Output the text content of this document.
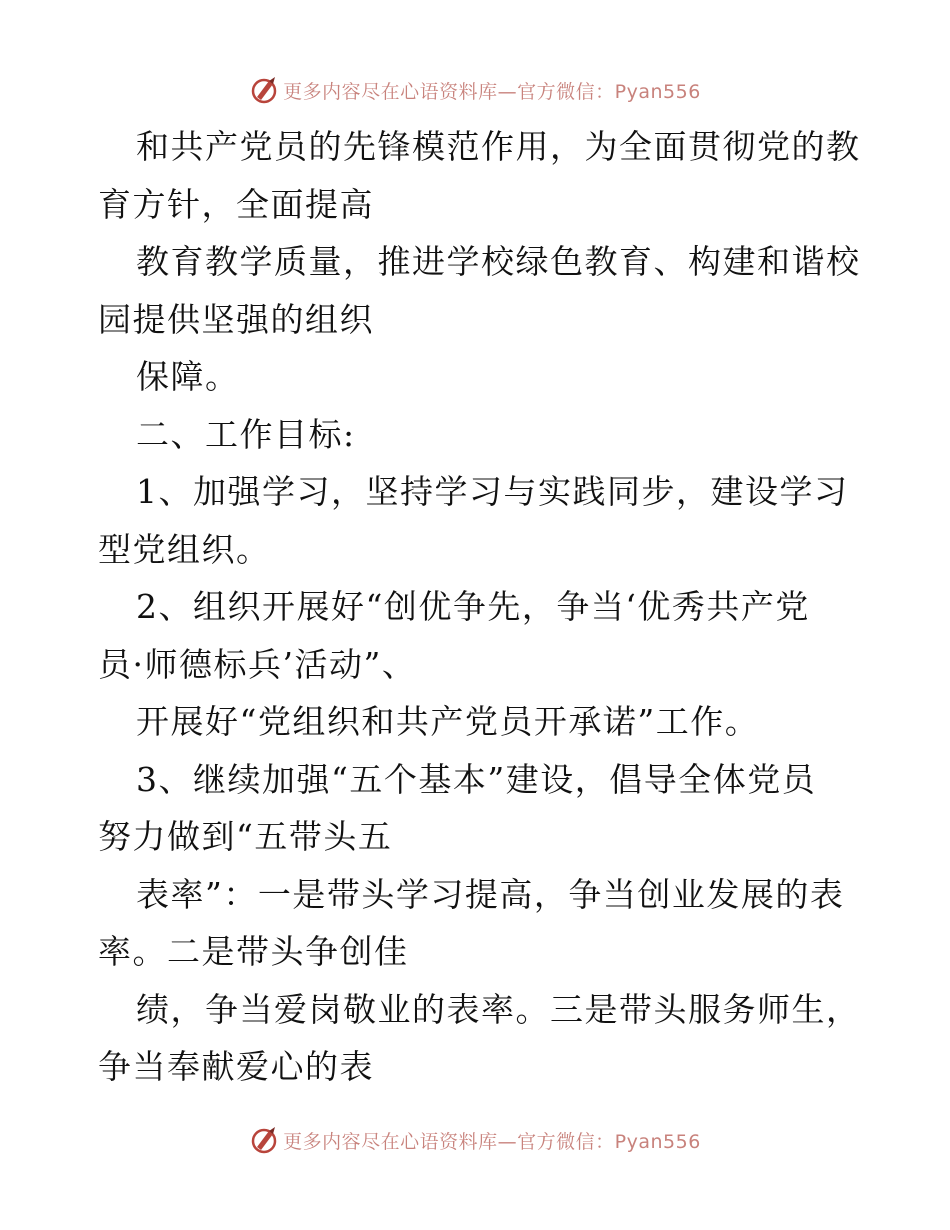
更多内容尽在心语资料库—官方微信：Pyan556
和共产党员的先锋模范作用，为全面贯彻党的教
育方针，全面提高
教育教学质量，推进学校绿色教育、构建和谐校
园提供坚强的组织
保障。
二、工作目标:
1、加强学习，坚持学习与实践同步，建设学习
型党组织。
2、组织开展好“创优争先，争当‘优秀共产党
员·师德标兵’活动”、
开展好“党组织和共产党员开承诺”工作。
3、继续加强“五个基本”建设，倡导全体党员
努力做到“五带头五
表率”：一是带头学习提高，争当创业发展的表
率。二是带头争创佳
绩，争当爱岗敬业的表率。三是带头服务师生，
争当奉献爱心的表
更多内容尽在心语资料库—官方微信：Pyan556
